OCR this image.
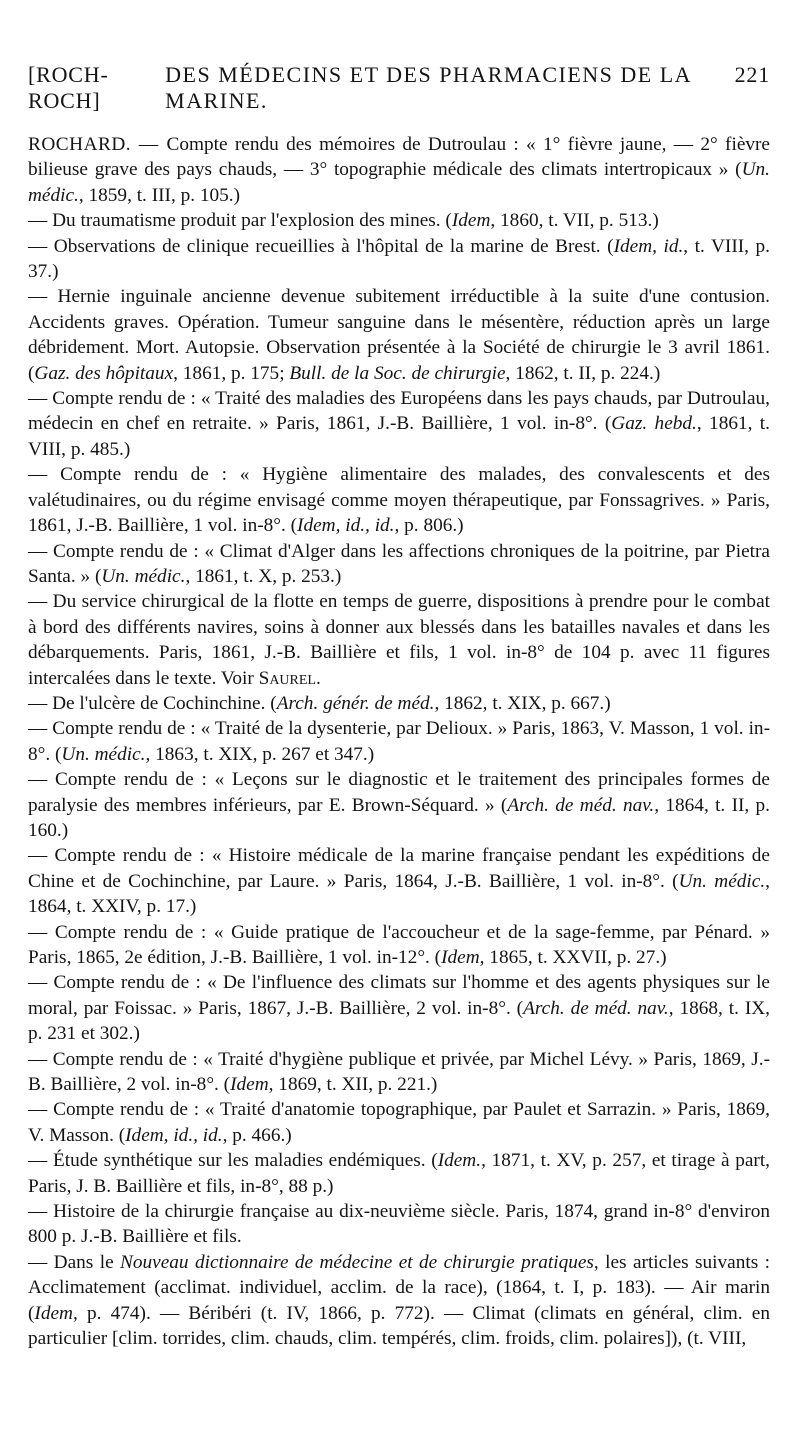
[ROCH-ROCH]
DES MÉDECINS ET DES PHARMACIENS DE LA MARINE.
221

ROCHARD. — Compte rendu des mémoires de Dutroulau : « 1° fièvre jaune, — 2° fièvre bilieuse grave des pays chauds, — 3° topographie médicale des climats intertropicaux » (Un. médic., 1859, t. III, p. 105.)

— Du traumatisme produit par l'explosion des mines. (Idem, 1860, t. VII, p. 513.)

— Observations de clinique recueillies à l'hôpital de la marine de Brest. (Idem, id., t. VIII, p. 37.)

— Hernie inguinale ancienne devenue subitement irréductible à la suite d'une contusion. Accidents graves. Opération. Tumeur sanguine dans le mésentère, réduction après un large débridement. Mort. Autopsie. Observation présentée à la Société de chirurgie le 3 avril 1861. (Gaz. des hôpitaux, 1861, p. 175; Bull. de la Soc. de chirurgie, 1862, t. II, p. 224.)

— Compte rendu de : « Traité des maladies des Européens dans les pays chauds, par Dutroulau, médecin en chef en retraite. » Paris, 1861, J.-B. Baillière, 1 vol. in-8°. (Gaz. hebd., 1861, t. VIII, p. 485.)

— Compte rendu de : « Hygiène alimentaire des malades, des convalescents et des valétudinaires, ou du régime envisagé comme moyen thérapeutique, par Fonssagrives. » Paris, 1861, J.-B. Baillière, 1 vol. in-8°. (Idem, id., id., p. 806.)

— Compte rendu de : « Climat d'Alger dans les affections chroniques de la poitrine, par Pietra Santa. » (Un. médic., 1861, t. X, p. 253.)

— Du service chirurgical de la flotte en temps de guerre, dispositions à prendre pour le combat à bord des différents navires, soins à donner aux blessés dans les batailles navales et dans les débarquements. Paris, 1861, J.-B. Baillière et fils, 1 vol. in-8° de 104 p. avec 11 figures intercalées dans le texte. Voir Saurel.

— De l'ulcère de Cochinchine. (Arch. génér. de méd., 1862, t. XIX, p. 667.)

— Compte rendu de : « Traité de la dysenterie, par Delioux. » Paris, 1863, V. Masson, 1 vol. in-8°. (Un. médic., 1863, t. XIX, p. 267 et 347.)

— Compte rendu de : « Leçons sur le diagnostic et le traitement des principales formes de paralysie des membres inférieurs, par E. Brown-Séquard. » (Arch. de méd. nav., 1864, t. II, p. 160.)

— Compte rendu de : « Histoire médicale de la marine française pendant les expéditions de Chine et de Cochinchine, par Laure. » Paris, 1864, J.-B. Baillière, 1 vol. in-8°. (Un. médic., 1864, t. XXIV, p. 17.)

— Compte rendu de : « Guide pratique de l'accoucheur et de la sage-femme, par Pénard. » Paris, 1865, 2e édition, J.-B. Baillière, 1 vol. in-12°. (Idem, 1865, t. XXVII, p. 27.)

— Compte rendu de : « De l'influence des climats sur l'homme et des agents physiques sur le moral, par Foissac. » Paris, 1867, J.-B. Baillière, 2 vol. in-8°. (Arch. de méd. nav., 1868, t. IX, p. 231 et 302.)

— Compte rendu de : « Traité d'hygiène publique et privée, par Michel Lévy. » Paris, 1869, J.-B. Baillière, 2 vol. in-8°. (Idem, 1869, t. XII, p. 221.)

— Compte rendu de : « Traité d'anatomie topographique, par Paulet et Sarrazin. » Paris, 1869, V. Masson. (Idem, id., id., p. 466.)

— Étude synthétique sur les maladies endémiques. (Idem., 1871, t. XV, p. 257, et tirage à part, Paris, J. B. Baillière et fils, in-8°, 88 p.)

— Histoire de la chirurgie française au dix-neuvième siècle. Paris, 1874, grand in-8° d'environ 800 p. J.-B. Baillière et fils.

— Dans le Nouveau dictionnaire de médecine et de chirurgie pratiques, les articles suivants : Acclimatement (acclimat. individuel, acclim. de la race), (1864, t. I, p. 183). — Air marin (Idem, p. 474). — Béribéri (t. IV, 1866, p. 772). — Climat (climats en général, clim. en particulier [clim. torrides, clim. chauds, clim. tempérés, clim. froids, clim. polaires]), (t. VIII,
